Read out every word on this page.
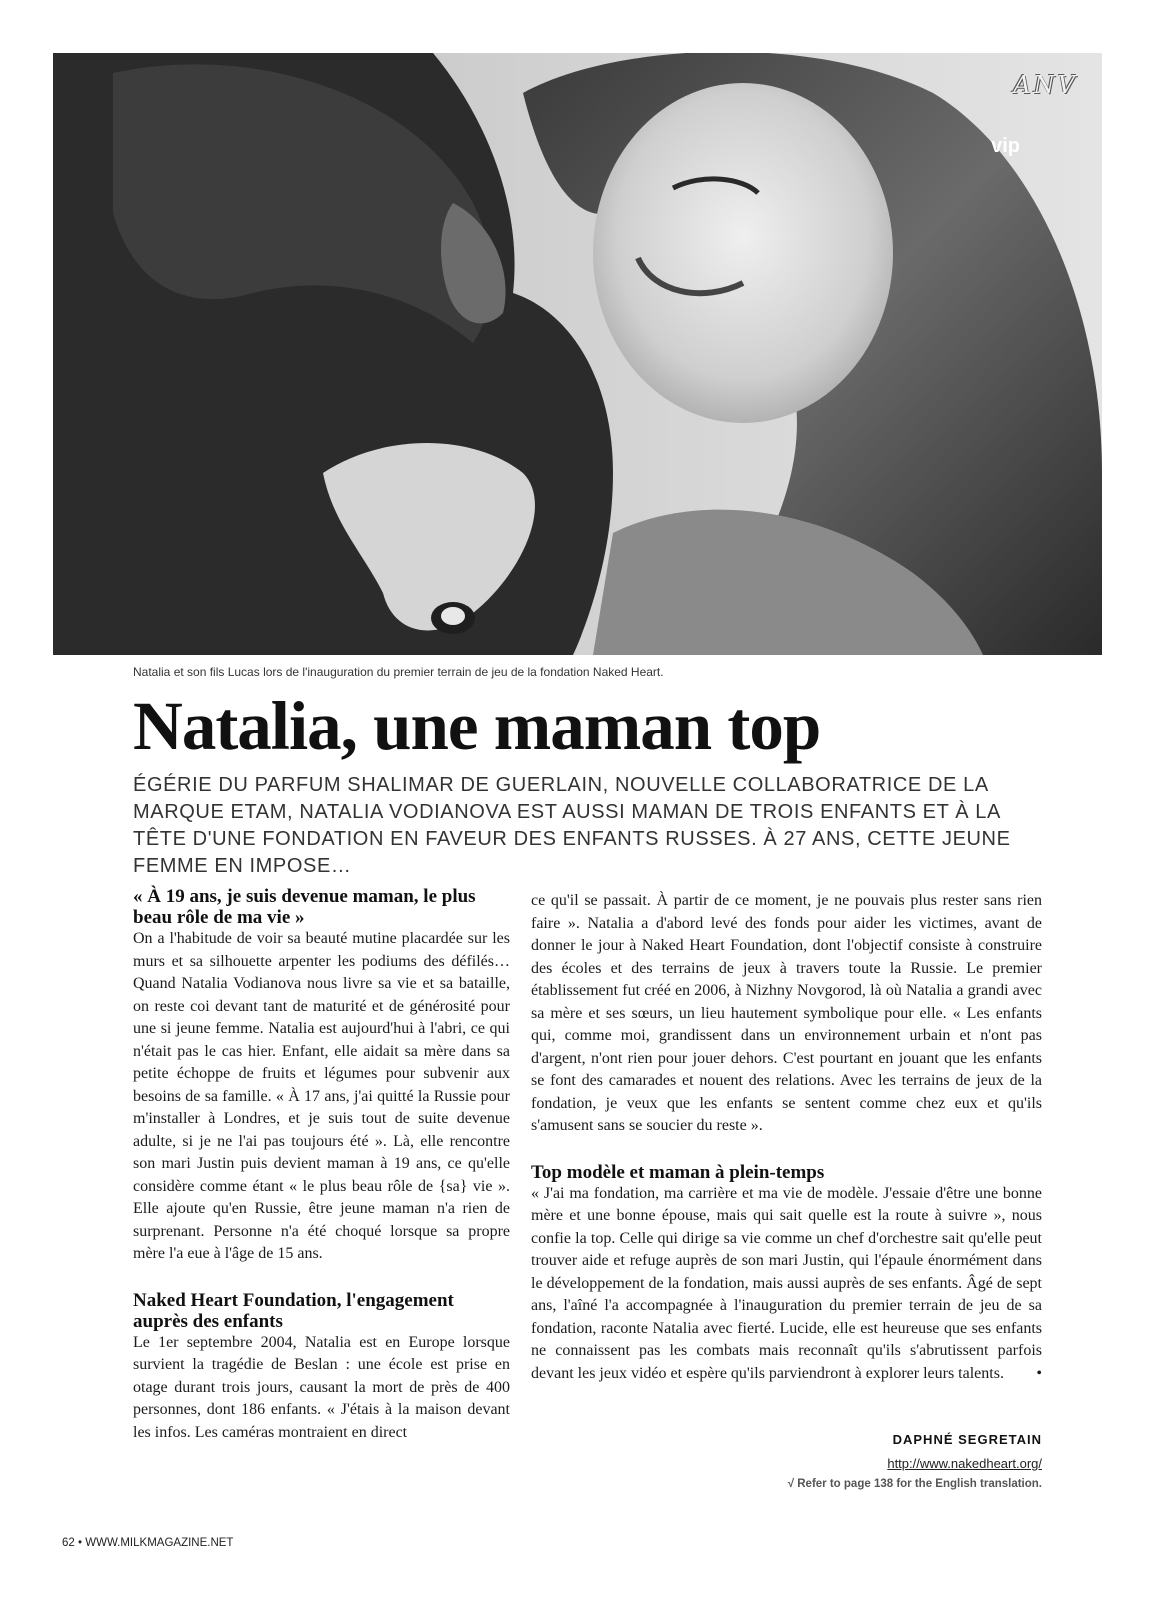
ANV
vip
Natalia et son fils Lucas lors de l'inauguration du premier terrain de jeu de la fondation Naked Heart.
Natalia, une maman top

ÉGÉRIE DU PARFUM SHALIMAR DE GUERLAIN, NOUVELLE COLLABORATRICE DE LA MARQUE ETAM, NATALIA VODIANOVA EST AUSSI MAMAN DE TROIS ENFANTS ET À LA TÊTE D'UNE FONDATION EN FAVEUR DES ENFANTS RUSSES. À 27 ANS, CETTE JEUNE FEMME EN IMPOSE…

« À 19 ans, je suis devenue maman, le plus beau rôle de ma vie »

On a l'habitude de voir sa beauté mutine placardée sur les murs et sa silhouette arpenter les podiums des défilés… Quand Natalia Vodianova nous livre sa vie et sa bataille, on reste coi devant tant de maturité et de générosité pour une si jeune femme. Natalia est aujourd'hui à l'abri, ce qui n'était pas le cas hier. Enfant, elle aidait sa mère dans sa petite échoppe de fruits et légumes pour subvenir aux besoins de sa famille. « À 17 ans, j'ai quitté la Russie pour m'installer à Londres, et je suis tout de suite devenue adulte, si je ne l'ai pas toujours été ». Là, elle rencontre son mari Justin puis devient maman à 19 ans, ce qu'elle considère comme étant « le plus beau rôle de {sa} vie ». Elle ajoute qu'en Russie, être jeune maman n'a rien de surprenant. Personne n'a été choqué lorsque sa propre mère l'a eue à l'âge de 15 ans.

Naked Heart Foundation, l'engagement auprès des enfants

Le 1er septembre 2004, Natalia est en Europe lorsque survient la tragédie de Beslan : une école est prise en otage durant trois jours, causant la mort de près de 400 personnes, dont 186 enfants. « J'étais à la maison devant les infos. Les caméras montraient en direct

ce qu'il se passait. À partir de ce moment, je ne pouvais plus rester sans rien faire ». Natalia a d'abord levé des fonds pour aider les victimes, avant de donner le jour à Naked Heart Foundation, dont l'objectif consiste à construire des écoles et des terrains de jeux à travers toute la Russie. Le premier établissement fut créé en 2006, à Nizhny Novgorod, là où Natalia a grandi avec sa mère et ses sœurs, un lieu hautement symbolique pour elle. « Les enfants qui, comme moi, grandissent dans un environnement urbain et n'ont pas d'argent, n'ont rien pour jouer dehors. C'est pourtant en jouant que les enfants se font des camarades et nouent des relations. Avec les terrains de jeux de la fondation, je veux que les enfants se sentent comme chez eux et qu'ils s'amusent sans se soucier du reste ».

Top modèle et maman à plein-temps

« J'ai ma fondation, ma carrière et ma vie de modèle. J'essaie d'être une bonne mère et une bonne épouse, mais qui sait quelle est la route à suivre », nous confie la top. Celle qui dirige sa vie comme un chef d'orchestre sait qu'elle peut trouver aide et refuge auprès de son mari Justin, qui l'épaule énormément dans le développement de la fondation, mais aussi auprès de ses enfants. Âgé de sept ans, l'aîné l'a accompagnée à l'inauguration du premier terrain de jeu de sa fondation, raconte Natalia avec fierté. Lucide, elle est heureuse que ses enfants ne connaissent pas les combats mais reconnaît qu'ils s'abrutissent parfois devant les jeux vidéo et espère qu'ils parviendront à explorer leurs talents. •

DAPHNÉ SEGRETAIN
http://www.nakedheart.org/
√ Refer to page 138 for the English translation.
62 • WWW.MILKMAGAZINE.NET
